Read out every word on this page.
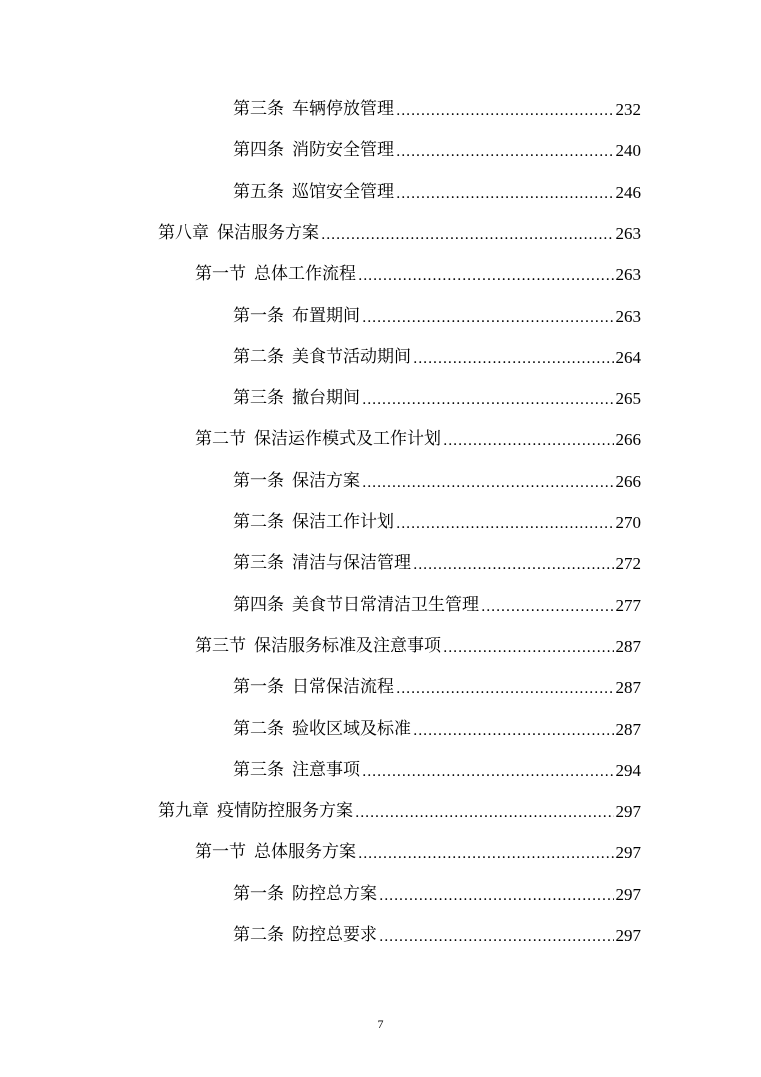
第三条 车辆停放管理 .....	232
第四条 消防安全管理 .....	240
第五条 巡馆安全管理 .....	246
第八章 保洁服务方案 .....	263
第一节 总体工作流程 .....	263
第一条 布置期间 .....	263
第二条 美食节活动期间 .....	264
第三条 撤台期间 .....	265
第二节 保洁运作模式及工作计划 .....	266
第一条 保洁方案 .....	266
第二条 保洁工作计划 .....	270
第三条 清洁与保洁管理 .....	272
第四条 美食节日常清洁卫生管理 .....	277
第三节 保洁服务标准及注意事项 .....	287
第一条 日常保洁流程 .....	287
第二条 验收区域及标准 .....	287
第三条 注意事项 .....	294
第九章 疫情防控服务方案 .....	297
第一节 总体服务方案 .....	297
第一条 防控总方案 .....	297
第二条 防控总要求 .....	297
7
